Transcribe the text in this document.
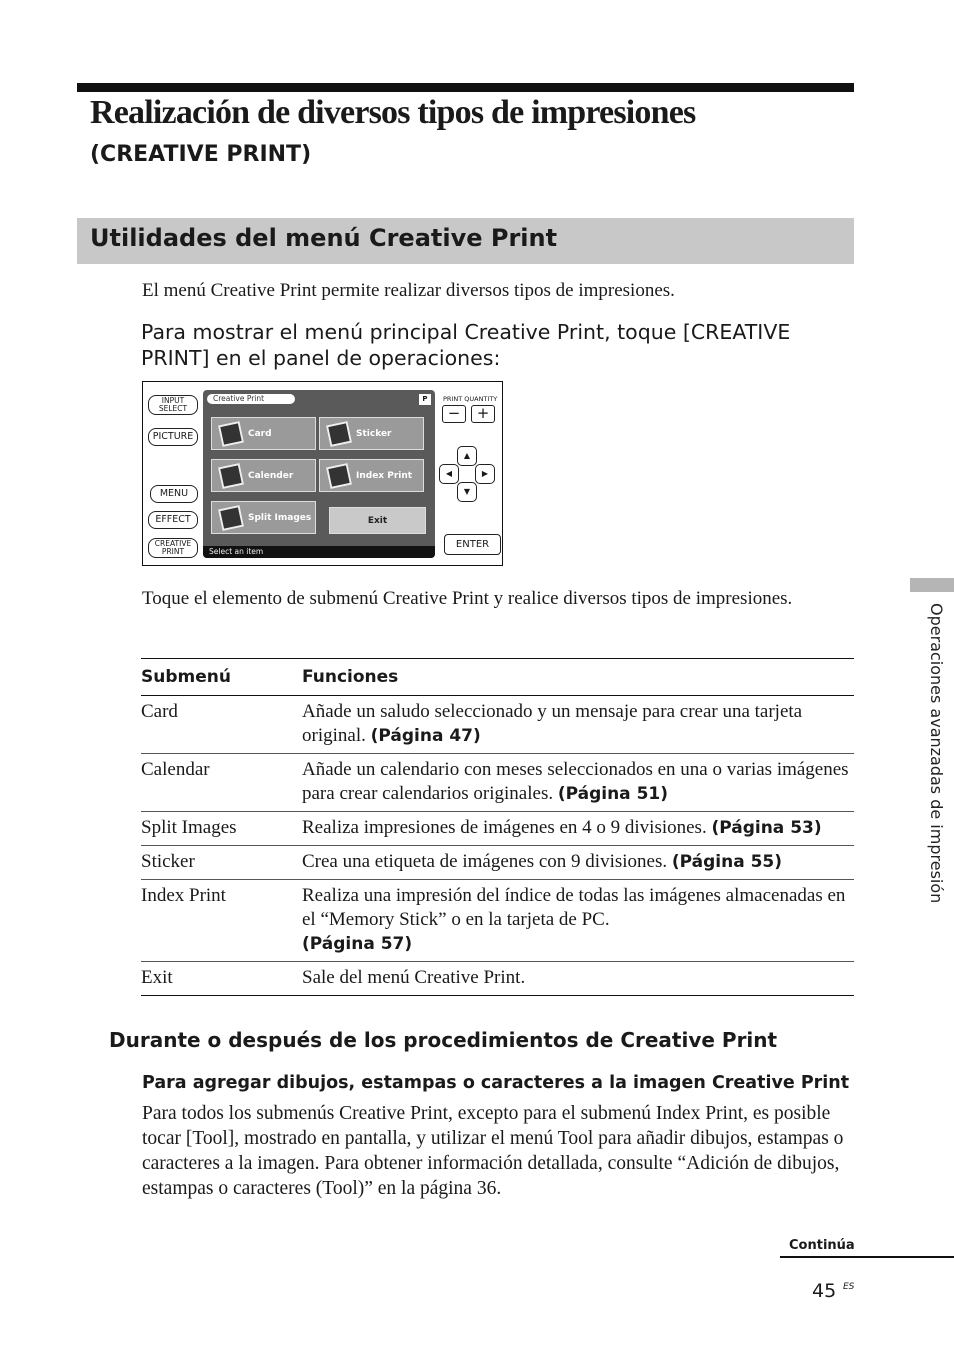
Realización de diversos tipos de impresiones
(CREATIVE PRINT)
Utilidades del menú Creative Print
El menú Creative Print permite realizar diversos tipos de impresiones.
Para mostrar el menú principal Creative Print, toque [CREATIVE PRINT] en el panel de operaciones:
INPUT SELECT
PICTURE
MENU
EFFECT
CREATIVE PRINT
Creative Print	P
Card	Sticker
Calender	Index Print
Split Images	Exit
Select an item
PRINT QUANTITY
−	+
▲
◀	▶
▼
ENTER
Toque el elemento de submenú Creative Print y realice diversos tipos de impresiones.
Submenú	Funciones
Card	Añade un saludo seleccionado y un mensaje para crear una tarjeta original. (Página 47)
Calendar	Añade un calendario con meses seleccionados en una o varias imágenes para crear calendarios originales. (Página 51)
Split Images	Realiza impresiones de imágenes en 4 o 9 divisiones. (Página 53)
Sticker	Crea una etiqueta de imágenes con 9 divisiones. (Página 55)
Index Print	Realiza una impresión del índice de todas las imágenes almacenadas en el “Memory Stick” o en la tarjeta de PC.
(Página 57)
Exit	Sale del menú Creative Print.
Durante o después de los procedimientos de Creative Print
Para agregar dibujos, estampas o caracteres a la imagen Creative Print
Para todos los submenús Creative Print, excepto para el submenú Index Print, es posible tocar [Tool], mostrado en pantalla, y utilizar el menú Tool para añadir dibujos, estampas o caracteres a la imagen. Para obtener información detallada, consulte “Adición de dibujos, estampas o caracteres (Tool)” en la página 36.
Continúa
45 ES
Operaciones avanzadas de impresión
